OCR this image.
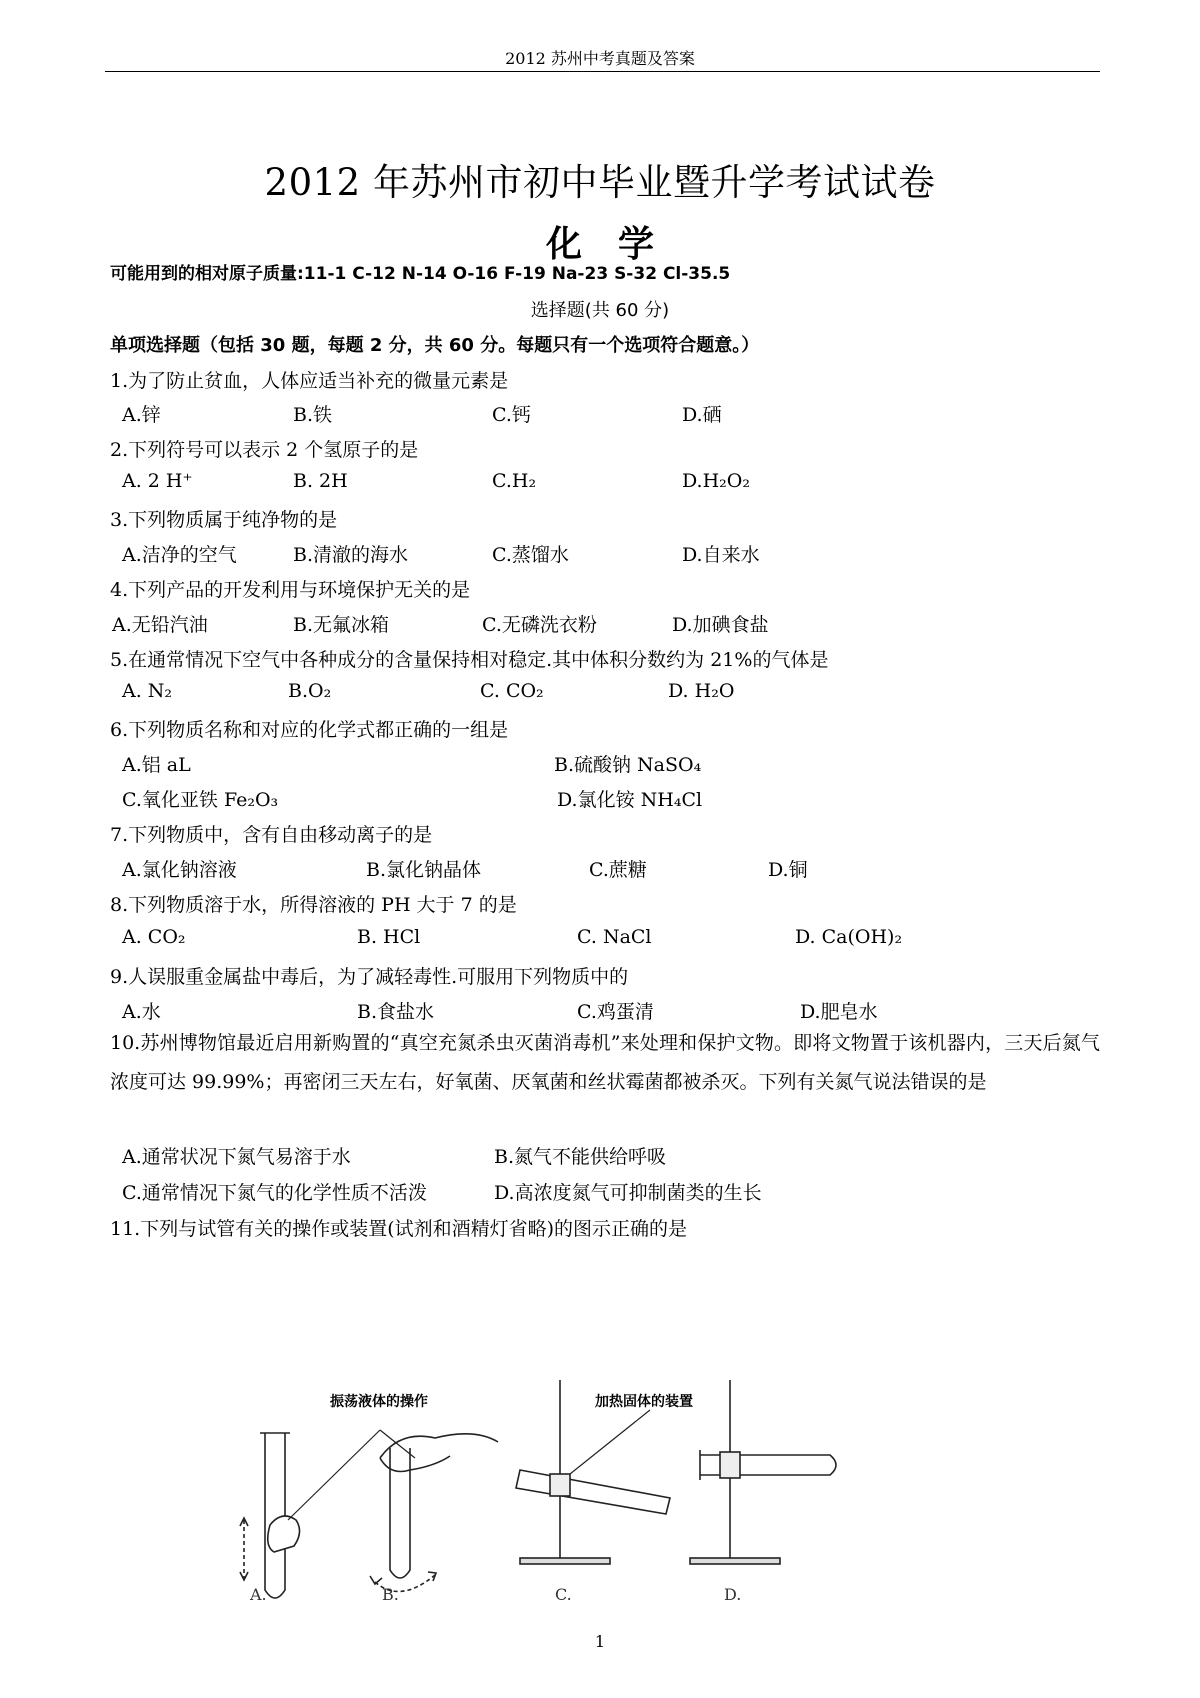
2012 苏州中考真题及答案
2012 年苏州市初中毕业暨升学考试试卷
化学
可能用到的相对原子质量:11-1 C-12 N-14 O-16 F-19 Na-23 S-32 Cl-35.5
选择题(共 60 分)
单项选择题（包括 30 题，每题 2 分，共 60 分。每题只有一个选项符合题意。）
1.为了防止贫血，人体应适当补充的微量元素是
A.锌	B.铁	C.钙	D.硒
2.下列符号可以表示 2 个氢原子的是
A. 2 H⁺	B. 2H	C.H₂	D.H₂O₂
3.下列物质属于纯净物的是
A.洁净的空气	B.清澈的海水	C.蒸馏水	D.自来水
4.下列产品的开发利用与环境保护无关的是
A.无铅汽油	B.无氟冰箱	C.无磷洗衣粉	D.加碘食盐
5.在通常情况下空气中各种成分的含量保持相对稳定.其中体积分数约为 21%的气体是
A. N₂	B.O₂	C. CO₂	D. H₂O
6.下列物质名称和对应的化学式都正确的一组是
A.铝 aL	B.硫酸钠 NaSO₄
C.氧化亚铁 Fe₂O₃	D.氯化铵 NH₄Cl
7.下列物质中，含有自由移动离子的是
A.氯化钠溶液	B.氯化钠晶体	C.蔗糖	D.铜
8.下列物质溶于水，所得溶液的 PH 大于 7 的是
A. CO₂	B. HCl	C. NaCl	D. Ca(OH)₂
9.人误服重金属盐中毒后，为了减轻毒性.可服用下列物质中的
A.水	B.食盐水	C.鸡蛋清	D.肥皂水
10.苏州博物馆最近启用新购置的“真空充氮杀虫灭菌消毒机”来处理和保护文物。即将文物置于该机器内，三天后氮气浓度可达 99.99%；再密闭三天左右，好氧菌、厌氧菌和丝状霉菌都被杀灭。下列有关氮气说法错误的是
A.通常状况下氮气易溶于水	B.氮气不能供给呼吸
C.通常情况下氮气的化学性质不活泼	D.高浓度氮气可抑制菌类的生长
11.下列与试管有关的操作或装置(试剂和酒精灯省略)的图示正确的是
振荡液体的操作	加热固体的装置
A.	B.	C.	D.
1
